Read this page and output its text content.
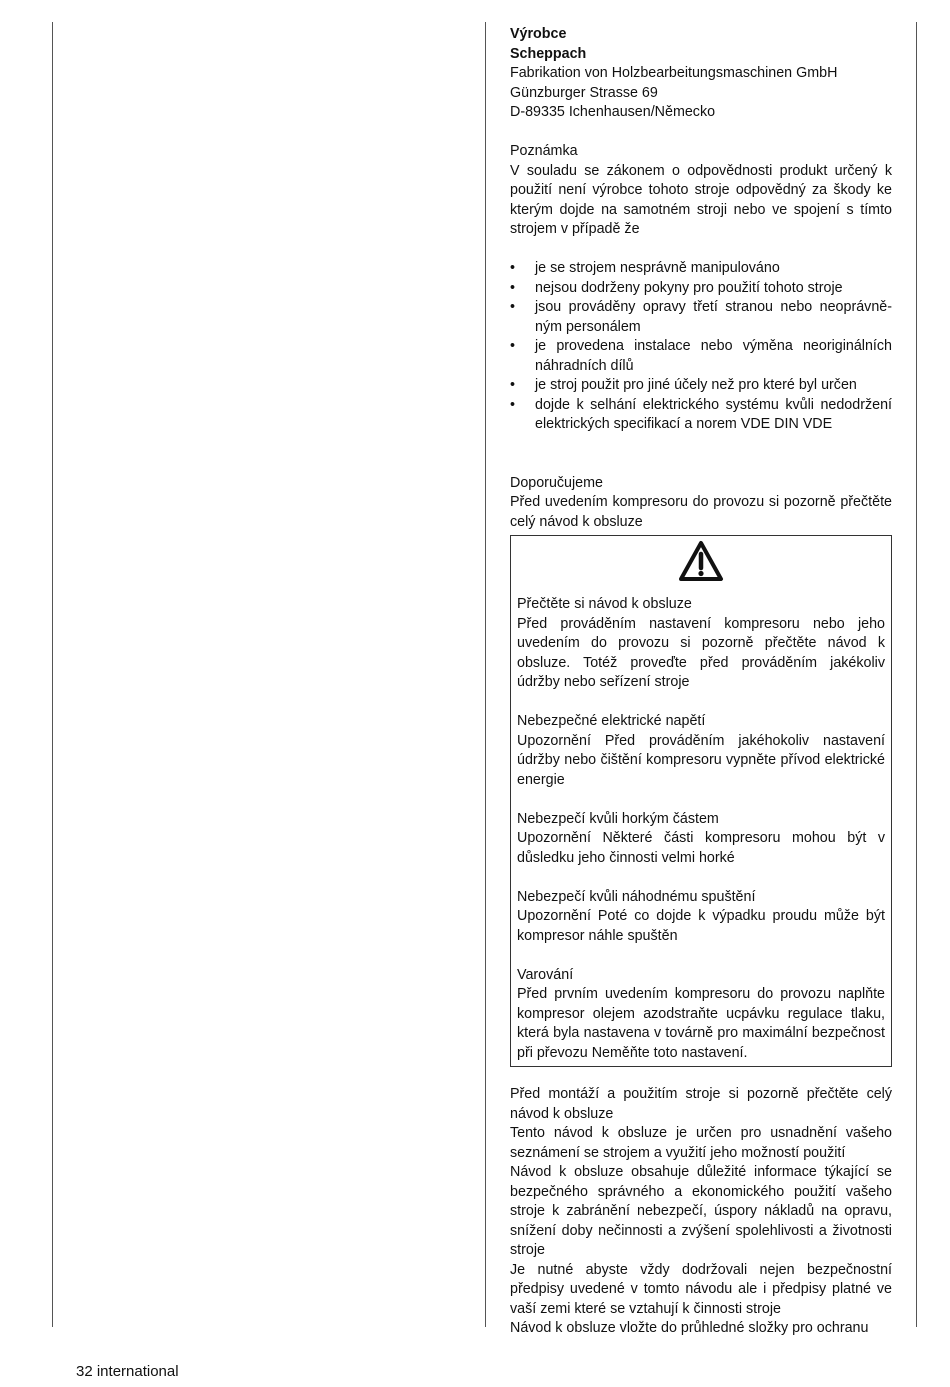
Výrobce

Scheppach

Fabrikation von Holzbearbeitungsmaschinen GmbH

Günzburger Strasse 69

D-89335 Ichenhausen/Německo

Poznámka

V souladu se zákonem o odpovědnosti produkt určený k použití není výrobce tohoto stroje odpovědný za škody ke kterým dojde na samotném stroji nebo ve spojení s tímto strojem v případě že

• je se strojem nesprávně manipulováno
• nejsou dodrženy pokyny pro použití tohoto stroje
• jsou prováděny opravy třetí stranou nebo neoprávněným personálem
• je provedena instalace nebo výměna neoriginálních náhradních dílů
• je stroj použit pro jiné účely než pro které byl určen
• dojde k selhání elektrického systému kvůli nedodržení elektrických specifikací a norem VDE DIN VDE

Doporučujeme

Před uvedením kompresoru do provozu si pozorně přečtěte celý návod k obsluze

Přečtěte si návod k obsluze

Před prováděním nastavení kompresoru nebo jeho uvedením do provozu si pozorně přečtěte návod k obsluze. Totéž proveďte před prováděním jakékoliv údržby nebo seřízení stroje

Nebezpečné elektrické napětí

Upozornění Před prováděním jakéhokoliv nastavení údržby nebo čištění kompresoru vypněte přívod elektrické energie

Nebezpečí kvůli horkým částem

Upozornění Některé části kompresoru mohou být v důsledku jeho činnosti velmi horké

Nebezpečí kvůli náhodnému spuštění

Upozornění Poté co dojde k výpadku proudu může být kompresor náhle spuštěn

Varování

Před prvním uvedením kompresoru do provozu naplňte kompresor olejem azodstraňte ucpávku regulace tlaku, která byla nastavena v továrně pro maximální bezpečnost při převozu Neměňte toto nastavení.

Před montáží a použitím stroje si pozorně přečtěte celý návod k obsluze

Tento návod k obsluze je určen pro usnadnění vašeho seznámení se strojem a využití jeho možností použití

Návod k obsluze obsahuje důležité informace týkající se bezpečného správného a ekonomického použití vašeho stroje k zabránění nebezpečí, úspory nákladů na opravu, snížení doby nečinnosti a zvýšení spolehlivosti a životnosti stroje

Je nutné abyste vždy dodržovali nejen bezpečnostní předpisy uvedené v tomto návodu ale i předpisy platné ve vaší zemi které se vztahují k činnosti stroje

Návod k obsluze vložte do průhledné složky pro ochranu

32 international
